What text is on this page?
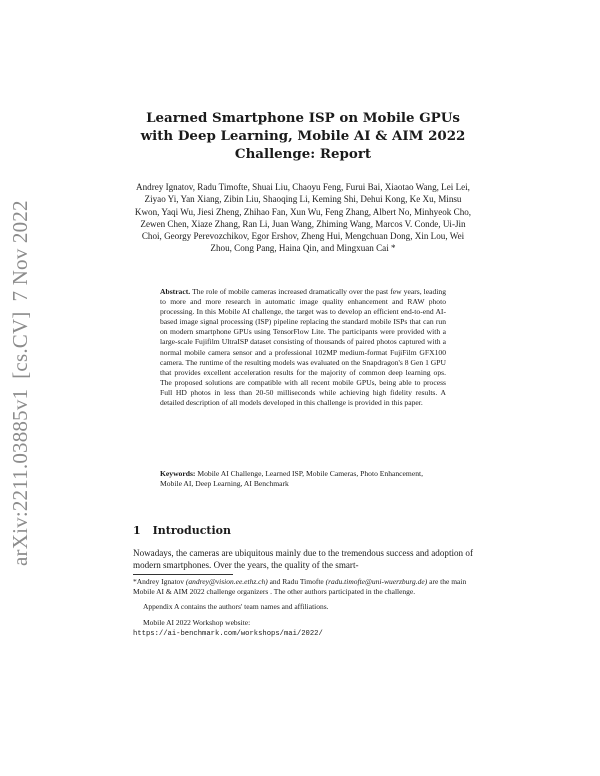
arXiv:2211.03885v1[cs.CV]7 Nov 2022
Learned Smartphone ISP on Mobile GPUs with Deep Learning, Mobile AI & AIM 2022 Challenge: Report
Andrey Ignatov, Radu Timofte, Shuai Liu, Chaoyu Feng, Furui Bai, Xiaotao Wang, Lei Lei, Ziyao Yi, Yan Xiang, Zibin Liu, Shaoqing Li, Keming Shi, Dehui Kong, Ke Xu, Minsu Kwon, Yaqi Wu, Jiesi Zheng, Zhihao Fan, Xun Wu, Feng Zhang, Albert No, Minhyeok Cho, Zewen Chen, Xiaze Zhang, Ran Li, Juan Wang, Zhiming Wang, Marcos V. Conde, Ui-Jin Choi, Georgy Perevozchikov, Egor Ershov, Zheng Hui, Mengchuan Dong, Xin Lou, Wei Zhou, Cong Pang, Haina Qin, and Mingxuan Cai *
Abstract. The role of mobile cameras increased dramatically over the past few years, leading to more and more research in automatic image quality enhancement and RAW photo processing. In this Mobile AI challenge, the target was to develop an efficient end-to-end AI-based image signal processing (ISP) pipeline replacing the standard mobile ISPs that can run on modern smartphone GPUs using TensorFlow Lite. The participants were provided with a large-scale Fujifilm UltraISP dataset consisting of thousands of paired photos captured with a normal mobile camera sensor and a professional 102MP medium-format FujiFilm GFX100 camera. The runtime of the resulting models was evaluated on the Snapdragon's 8 Gen 1 GPU that provides excellent acceleration results for the majority of common deep learning ops. The proposed solutions are compatible with all recent mobile GPUs, being able to process Full HD photos in less than 20-50 milliseconds while achieving high fidelity results. A detailed description of all models developed in this challenge is provided in this paper.
Keywords: Mobile AI Challenge, Learned ISP, Mobile Cameras, Photo Enhancement, Mobile AI, Deep Learning, AI Benchmark
1 Introduction
Nowadays, the cameras are ubiquitous mainly due to the tremendous success and adoption of modern smartphones. Over the years, the quality of the smart-

*Andrey Ignatov (andrey@vision.ee.ethz.ch) and Radu Timofte (radu.timofte@uni-wuerzburg.de) are the main Mobile AI & AIM 2022 challenge organizers . The other authors participated in the challenge.

Appendix A contains the authors' team names and affiliations.

Mobile AI 2022 Workshop website:
https://ai-benchmark.com/workshops/mai/2022/
